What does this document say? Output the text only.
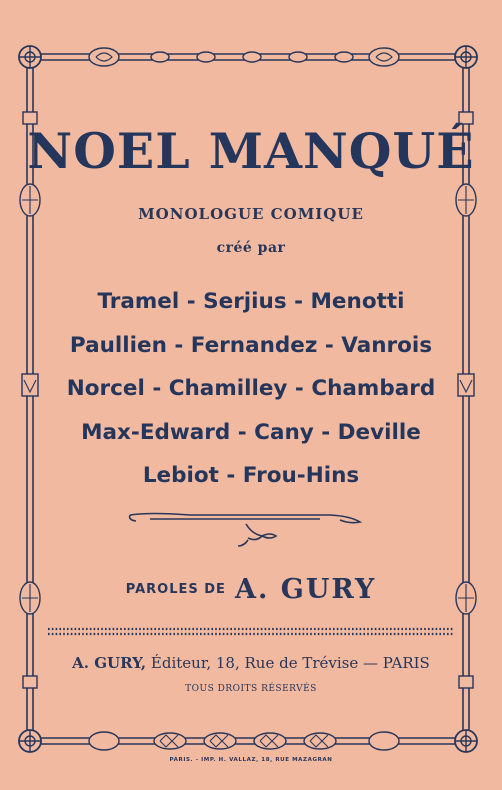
NOEL MANQUÉ
MONOLOGUE COMIQUE
créé par
Tramel - Serjius - Menotti
Paullien - Fernandez - Vanrois
Norcel - Chamilley - Chambard
Max-Edward - Cany - Deville
Lebiot - Frou-Hins
PAROLES DE A. GURY
A. GURY, Éditeur, 18, Rue de Trévise — PARIS
TOUS DROITS RÉSERVÉS
PARIS. - IMP. H. VALLAZ, 18, RUE MAZAGRAN
